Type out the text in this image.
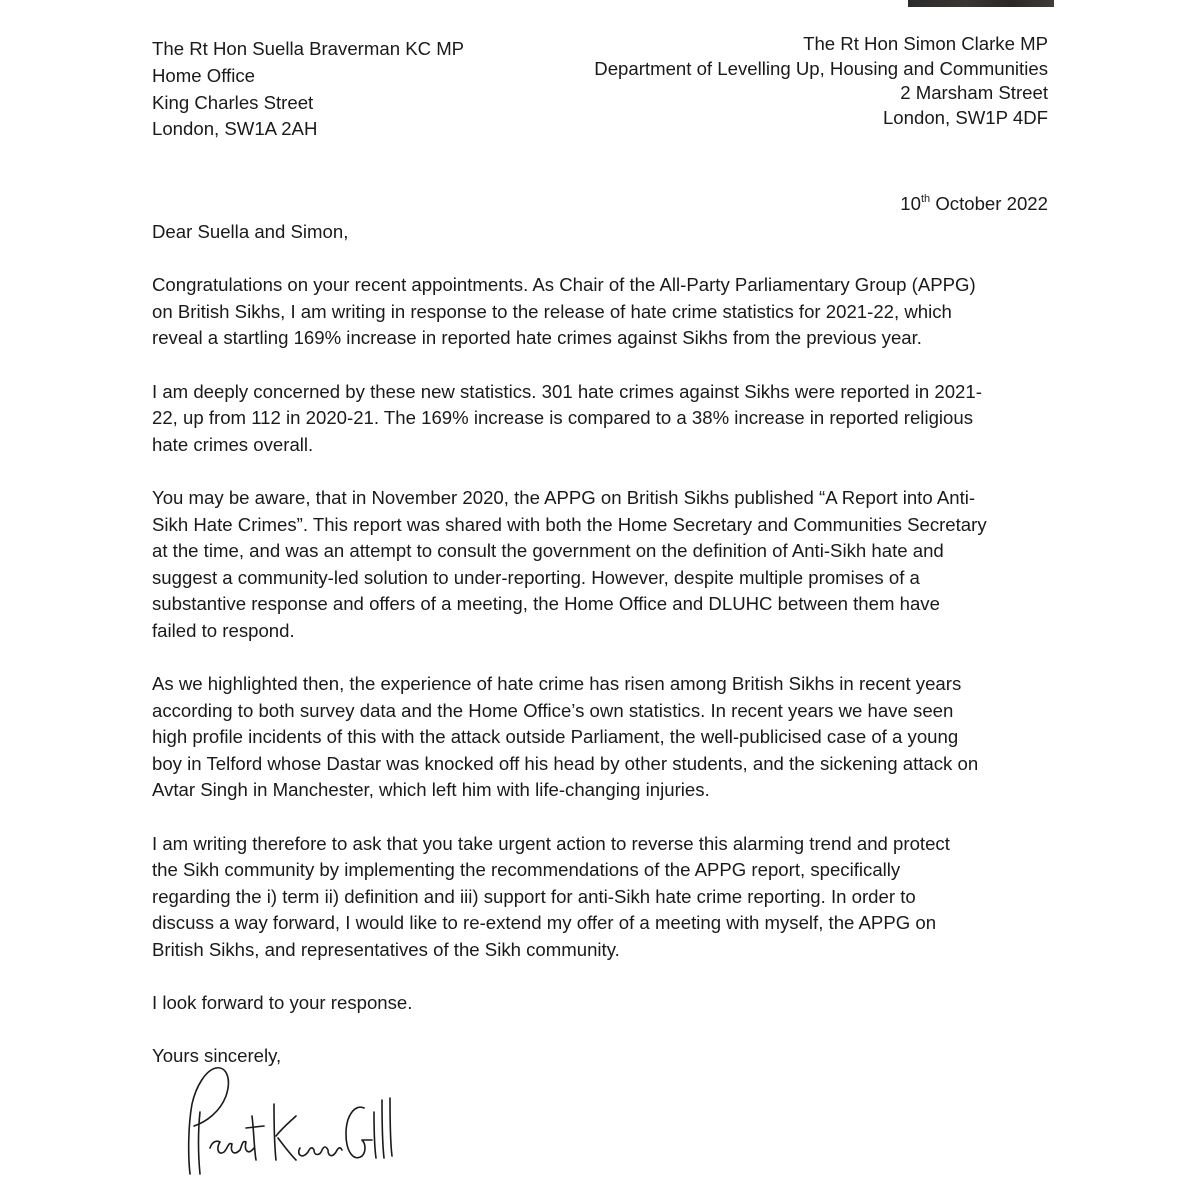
The Rt Hon Suella Braverman KC MP
Home Office
King Charles Street
London, SW1A 2AH
The Rt Hon Simon Clarke MP
Department of Levelling Up, Housing and Communities
2 Marsham Street
London, SW1P 4DF
10th October 2022
Dear Suella and Simon,

Congratulations on your recent appointments. As Chair of the All-Party Parliamentary Group (APPG)
on British Sikhs, I am writing in response to the release of hate crime statistics for 2021-22, which
reveal a startling 169% increase in reported hate crimes against Sikhs from the previous year.

I am deeply concerned by these new statistics. 301 hate crimes against Sikhs were reported in 2021-
22, up from 112 in 2020-21. The 169% increase is compared to a 38% increase in reported religious
hate crimes overall.

You may be aware, that in November 2020, the APPG on British Sikhs published “A Report into Anti-
Sikh Hate Crimes”. This report was shared with both the Home Secretary and Communities Secretary
at the time, and was an attempt to consult the government on the definition of Anti-Sikh hate and
suggest a community-led solution to under-reporting. However, despite multiple promises of a
substantive response and offers of a meeting, the Home Office and DLUHC between them have
failed to respond.

As we highlighted then, the experience of hate crime has risen among British Sikhs in recent years
according to both survey data and the Home Office’s own statistics. In recent years we have seen
high profile incidents of this with the attack outside Parliament, the well-publicised case of a young
boy in Telford whose Dastar was knocked off his head by other students, and the sickening attack on
Avtar Singh in Manchester, which left him with life-changing injuries.

I am writing therefore to ask that you take urgent action to reverse this alarming trend and protect
the Sikh community by implementing the recommendations of the APPG report, specifically
regarding the i) term ii) definition and iii) support for anti-Sikh hate crime reporting. In order to
discuss a way forward, I would like to re-extend my offer of a meeting with myself, the APPG on
British Sikhs, and representatives of the Sikh community.

I look forward to your response.
Yours sincerely,
